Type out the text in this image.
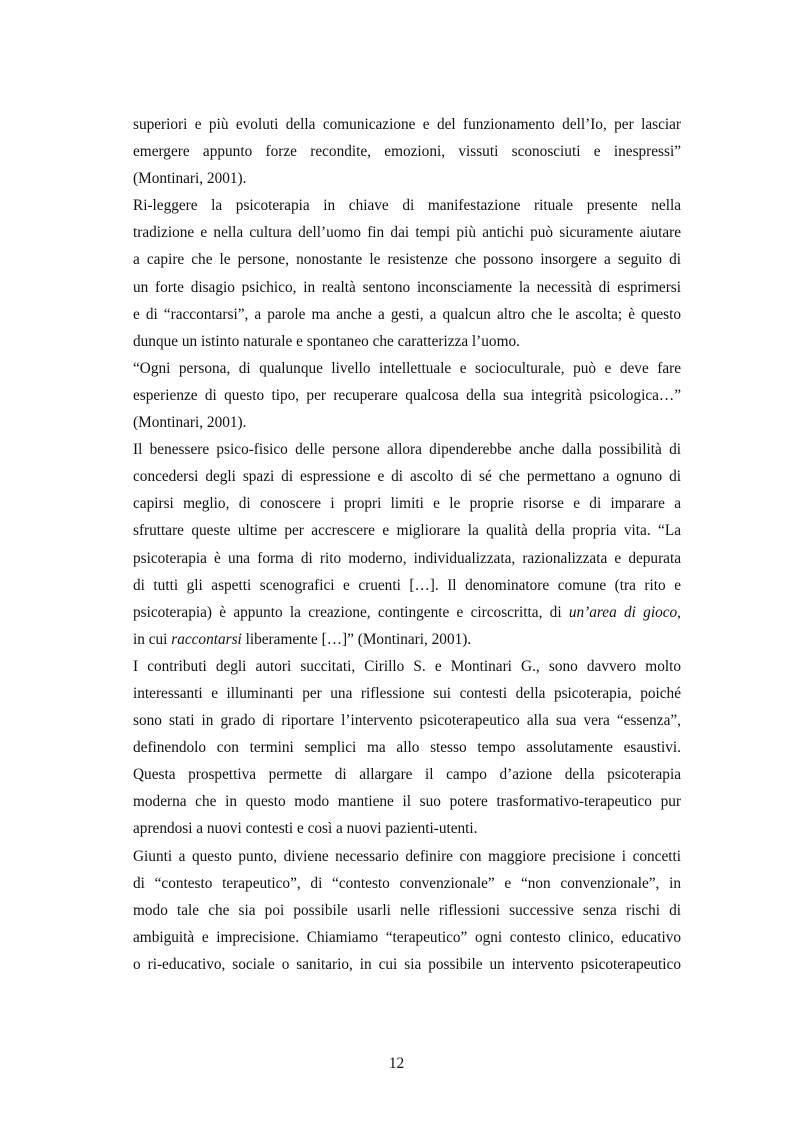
superiori e più evoluti della comunicazione e del funzionamento dell’Io, per lasciar
emergere appunto forze recondite, emozioni, vissuti sconosciuti e inespressi”
(Montinari, 2001).

Ri-leggere la psicoterapia in chiave di manifestazione rituale presente nella
tradizione e nella cultura dell’uomo fin dai tempi più antichi può sicuramente aiutare
a capire che le persone, nonostante le resistenze che possono insorgere a seguito di
un forte disagio psichico, in realtà sentono inconsciamente la necessità di esprimersi
e di “raccontarsi”, a parole ma anche a gesti, a qualcun altro che le ascolta; è questo
dunque un istinto naturale e spontaneo che caratterizza l’uomo.

“Ogni persona, di qualunque livello intellettuale e socioculturale, può e deve fare
esperienze di questo tipo, per recuperare qualcosa della sua integrità psicologica…”
(Montinari, 2001).

Il benessere psico-fisico delle persone allora dipenderebbe anche dalla possibilità di
concedersi degli spazi di espressione e di ascolto di sé che permettano a ognuno di
capirsi meglio, di conoscere i propri limiti e le proprie risorse e di imparare a
sfruttare queste ultime per accrescere e migliorare la qualità della propria vita. “La
psicoterapia è una forma di rito moderno, individualizzata, razionalizzata e depurata
di tutti gli aspetti scenografici e cruenti […]. Il denominatore comune (tra rito e
psicoterapia) è appunto la creazione, contingente e circoscritta, di un’area di gioco,
in cui raccontarsi liberamente […]” (Montinari, 2001).

I contributi degli autori succitati, Cirillo S. e Montinari G., sono davvero molto
interessanti e illuminanti per una riflessione sui contesti della psicoterapia, poiché
sono stati in grado di riportare l’intervento psicoterapeutico alla sua vera “essenza”,
definendolo con termini semplici ma allo stesso tempo assolutamente esaustivi.
Questa prospettiva permette di allargare il campo d’azione della psicoterapia
moderna che in questo modo mantiene il suo potere trasformativo-terapeutico pur
aprendosi a nuovi contesti e così a nuovi pazienti-utenti.

Giunti a questo punto, diviene necessario definire con maggiore precisione i concetti
di “contesto terapeutico”, di “contesto convenzionale” e “non convenzionale”, in
modo tale che sia poi possibile usarli nelle riflessioni successive senza rischi di
ambiguità e imprecisione. Chiamiamo “terapeutico” ogni contesto clinico, educativo
o ri-educativo, sociale o sanitario, in cui sia possibile un intervento psicoterapeutico

12
